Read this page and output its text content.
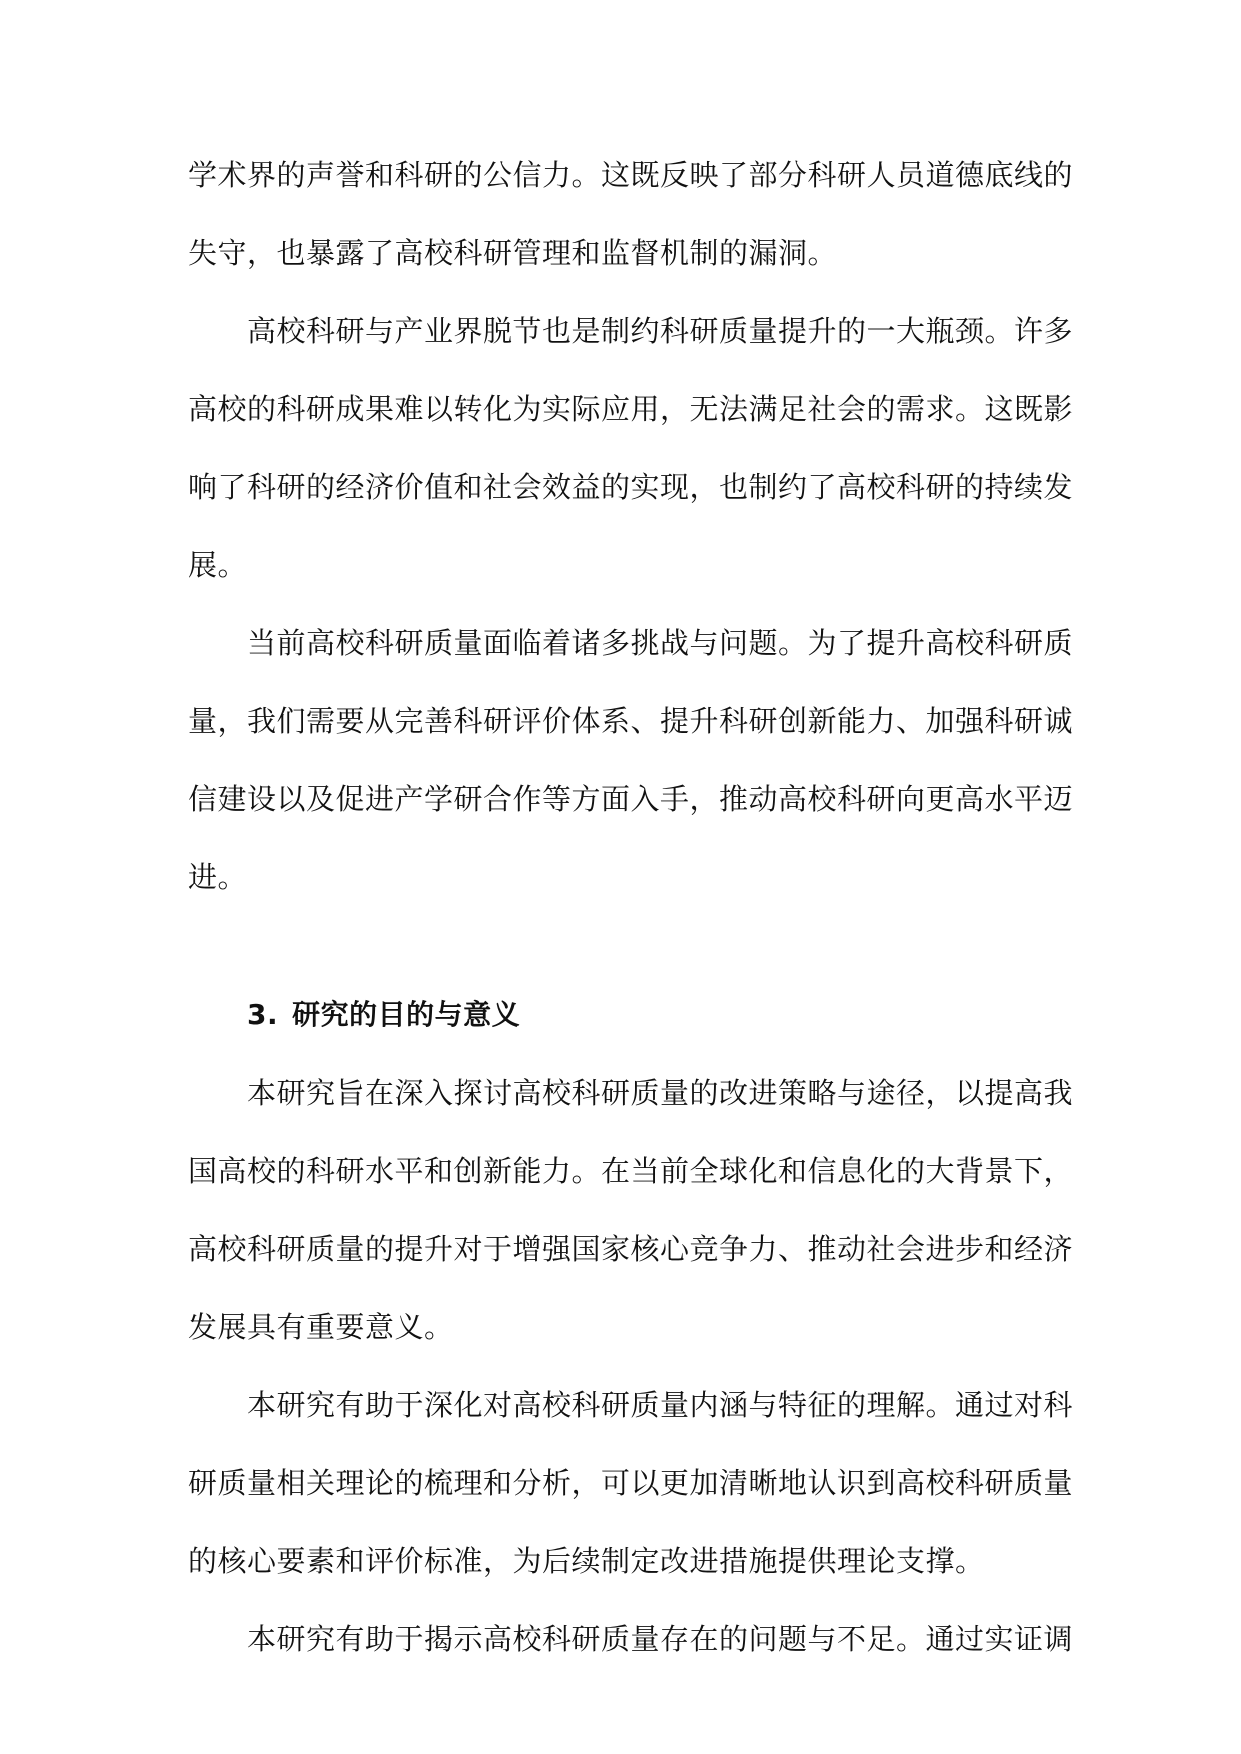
学术界的声誉和科研的公信力。这既反映了部分科研人员道德底线的
失守，也暴露了高校科研管理和监督机制的漏洞。
高校科研与产业界脱节也是制约科研质量提升的一大瓶颈。许多
高校的科研成果难以转化为实际应用，无法满足社会的需求。这既影
响了科研的经济价值和社会效益的实现，也制约了高校科研的持续发
展。
当前高校科研质量面临着诸多挑战与问题。为了提升高校科研质
量，我们需要从完善科研评价体系、提升科研创新能力、加强科研诚
信建设以及促进产学研合作等方面入手，推动高校科研向更高水平迈
进。
3. 研究的目的与意义
本研究旨在深入探讨高校科研质量的改进策略与途径，以提高我
国高校的科研水平和创新能力。在当前全球化和信息化的大背景下，
高校科研质量的提升对于增强国家核心竞争力、推动社会进步和经济
发展具有重要意义。
本研究有助于深化对高校科研质量内涵与特征的理解。通过对科
研质量相关理论的梳理和分析，可以更加清晰地认识到高校科研质量
的核心要素和评价标准，为后续制定改进措施提供理论支撑。
本研究有助于揭示高校科研质量存在的问题与不足。通过实证调
